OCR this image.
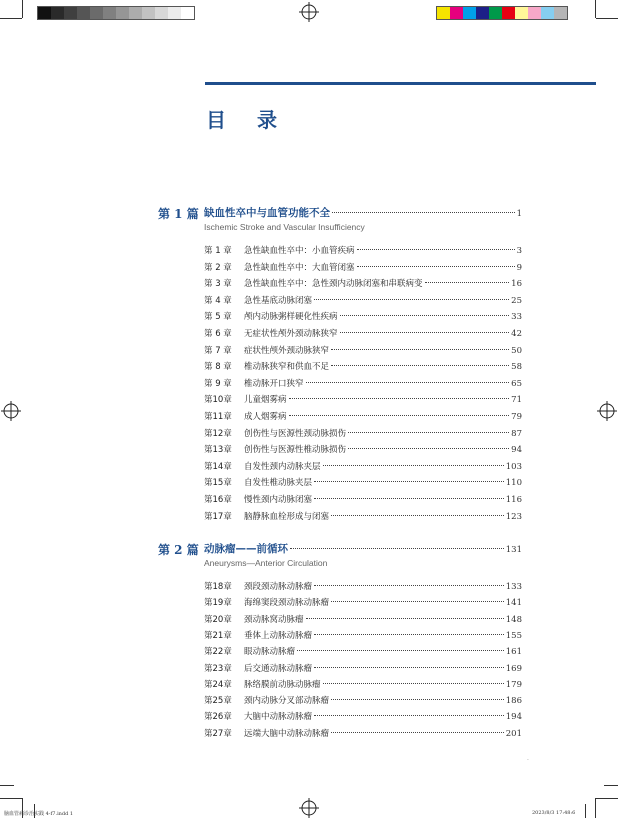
目 录
第 1 篇 缺血性卒中与血管功能不全	1
Ischemic Stroke and Vascular Insufficiency
第 1 章	急性缺血性卒中：小血管疾病	3
第 2 章	急性缺血性卒中：大血管闭塞	9
第 3 章	急性缺血性卒中：急性颈内动脉闭塞和串联病变	16
第 4 章	急性基底动脉闭塞	25
第 5 章	颅内动脉粥样硬化性疾病	33
第 6 章	无症状性颅外颈动脉狭窄	42
第 7 章	症状性颅外颈动脉狭窄	50
第 8 章	椎动脉狭窄和供血不足	58
第 9 章	椎动脉开口狭窄	65
第10章	儿童烟雾病	71
第11章	成人烟雾病	79
第12章	创伤性与医源性颈动脉损伤	87
第13章	创伤性与医源性椎动脉损伤	94
第14章	自发性颈内动脉夹层	103
第15章	自发性椎动脉夹层	110
第16章	慢性颈内动脉闭塞	116
第17章	脑静脉血栓形成与闭塞	123
第 2 篇 动脉瘤——前循环	131
Aneurysms—Anterior Circulation
第18章	颈段颈动脉动脉瘤	133
第19章	海绵窦段颈动脉动脉瘤	141
第20章	颈动脉窝动脉瘤	148
第21章	垂体上动脉动脉瘤	155
第22章	眼动脉动脉瘤	161
第23章	后交通动脉动脉瘤	169
第24章	脉络膜前动脉动脉瘤	179
第25章	颈内动脉分叉部动脉瘤	186
第26章	大脑中动脉动脉瘤	194
第27章	远端大脑中动脉动脉瘤	201
·
脑血管病诊治实践 4-f7.indd 1	2023/8/3 17:48:6
